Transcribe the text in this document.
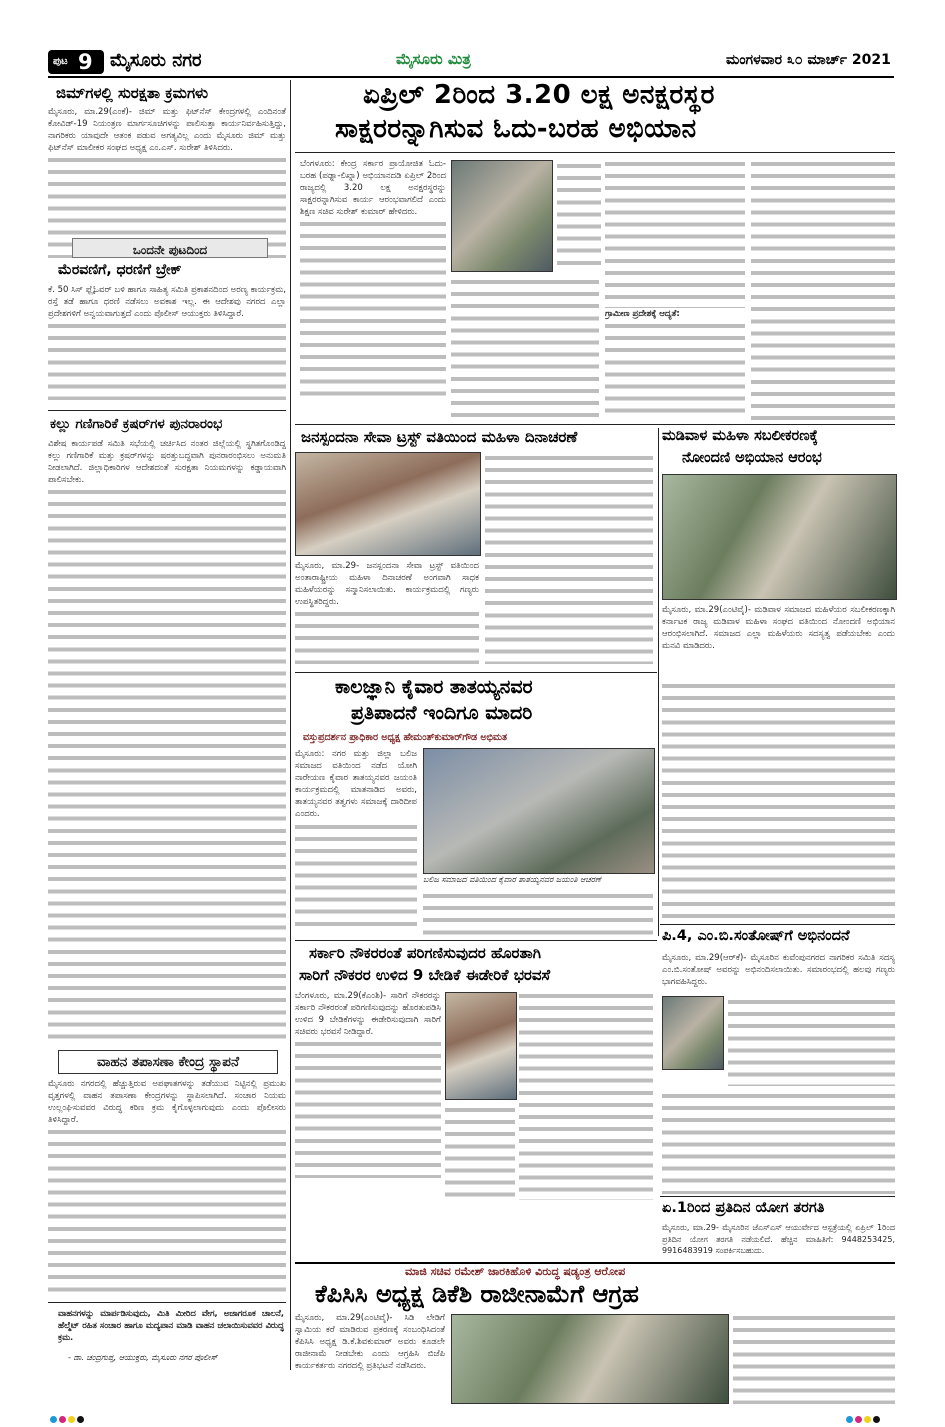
ಪುಟ 9 ಮೈಸೂರು ನಗರ	ಮೈಸೂರು ಮಿತ್ರ	ಮಂಗಳವಾರ ೩೦ ಮಾರ್ಚ್ 2021
ಜಿಮ್‌ಗಳಲ್ಲಿ ಸುರಕ್ಷತಾ ಕ್ರಮಗಳು
ಮೈಸೂರು, ಮಾ.29(ಎಂಕೆ)- ಜಿಮ್ ಮತ್ತು ಫಿಟ್‌ನೆಸ್ ಕೇಂದ್ರಗಳಲ್ಲಿ ಎಂದಿನಂತೆ ಕೋವಿಡ್-19 ನಿಯಂತ್ರಣ ಮಾರ್ಗಸೂಚಿಗಳನ್ನು ಪಾಲಿಸುತ್ತಾ ಕಾರ್ಯನಿರ್ವಹಿಸುತ್ತಿದ್ದು, ನಾಗರಿಕರು ಯಾವುದೇ ಆತಂಕ ಪಡುವ ಅಗತ್ಯವಿಲ್ಲ ಎಂದು ಮೈಸೂರು ಜಿಮ್ ಮತ್ತು ಫಿಟ್‌ನೆಸ್ ಮಾಲೀಕರ ಸಂಘದ ಅಧ್ಯಕ್ಷ ಎಂ.ಎಸ್. ಸುರೇಶ್ ತಿಳಿಸಿದರು.
ಒಂದನೇ ಪುಟದಿಂದ
ಮೆರವಣಿಗೆ, ಧರಣಿಗೆ ಬ್ರೇಕ್
ಕೆ. 50 ಸಿಸ್ ಫ್ಲೈಓವರ್ ಬಳಿ ಹಾಗೂ ಸಾಹಿತ್ಯ ಸಮಿತಿ ಪ್ರಕಾಶನದಿಂದ ಅರಣ್ಯ ಕಾರ್ಯಕ್ರಮ, ರಸ್ತೆ ತಡೆ ಹಾಗೂ ಧರಣಿ ನಡೆಸಲು ಅವಕಾಶ ಇಲ್ಲ. ಈ ಆದೇಶವು ನಗರದ ಎಲ್ಲಾ ಪ್ರದೇಶಗಳಿಗೆ ಅನ್ವಯವಾಗುತ್ತದೆ ಎಂದು ಪೊಲೀಸ್ ಆಯುಕ್ತರು ತಿಳಿಸಿದ್ದಾರೆ.
ಕಲ್ಲು ಗಣಿಗಾರಿಕೆ ಕ್ರಷರ್‌ಗಳ ಪುನರಾರಂಭ
ವಿಶೇಷ ಕಾರ್ಯಪಡೆ ಸಮಿತಿ ಸಭೆಯಲ್ಲಿ ಚರ್ಚಿಸಿದ ನಂತರ ಜಿಲ್ಲೆಯಲ್ಲಿ ಸ್ಥಗಿತಗೊಂಡಿದ್ದ ಕಲ್ಲು ಗಣಿಗಾರಿಕೆ ಮತ್ತು ಕ್ರಷರ್‌ಗಳನ್ನು ಷರತ್ತುಬದ್ಧವಾಗಿ ಪುನರಾರಂಭಿಸಲು ಅನುಮತಿ ನೀಡಲಾಗಿದೆ. ಜಿಲ್ಲಾಧಿಕಾರಿಗಳ ಆದೇಶದಂತೆ ಸುರಕ್ಷತಾ ನಿಯಮಗಳನ್ನು ಕಡ್ಡಾಯವಾಗಿ ಪಾಲಿಸಬೇಕು.
ವಾಹನ ತಪಾಸಣಾ ಕೇಂದ್ರ ಸ್ಥಾಪನೆ
ಮೈಸೂರು ನಗರದಲ್ಲಿ ಹೆಚ್ಚುತ್ತಿರುವ ಅಪಘಾತಗಳನ್ನು ತಡೆಯುವ ನಿಟ್ಟಿನಲ್ಲಿ ಪ್ರಮುಖ ವೃತ್ತಗಳಲ್ಲಿ ವಾಹನ ತಪಾಸಣಾ ಕೇಂದ್ರಗಳನ್ನು ಸ್ಥಾಪಿಸಲಾಗಿದೆ. ಸಂಚಾರ ನಿಯಮ ಉಲ್ಲಂಘಿಸುವವರ ವಿರುದ್ಧ ಕಠಿಣ ಕ್ರಮ ಕೈಗೊಳ್ಳಲಾಗುವುದು ಎಂದು ಪೊಲೀಸರು ತಿಳಿಸಿದ್ದಾರೆ.
ವಾಹನಗಳನ್ನು ಮಾರ್ಪಡಿಸುವುದು, ಮಿತಿ ಮೀರಿದ ವೇಗ, ಅಜಾಗರೂಕ ಚಾಲನೆ, ಹೆಲ್ಮೆಟ್ ರಹಿತ ಸಂಚಾರ ಹಾಗೂ ಮದ್ಯಪಾನ ಮಾಡಿ ವಾಹನ ಚಲಾಯಿಸುವವರ ವಿರುದ್ಧ ಕ್ರಮ.
- ಡಾ. ಚಂದ್ರಗುಪ್ತ, ಆಯುಕ್ತರು, ಮೈಸೂರು ನಗರ ಪೊಲೀಸ್
ಏಪ್ರಿಲ್ 2ರಿಂದ 3.20 ಲಕ್ಷ ಅನಕ್ಷರಸ್ಥರ
ಸಾಕ್ಷರರನ್ನಾಗಿಸುವ ಓದು-ಬರಹ ಅಭಿಯಾನ
ಬೆಂಗಳೂರು: ಕೇಂದ್ರ ಸರ್ಕಾರ ಪ್ರಾಯೋಜಿತ ಓದು-ಬರಹ (ಪಢ್ನಾ-ಲಿಖ್ನಾ) ಅಭಿಯಾನದಡಿ ಏಪ್ರಿಲ್ 2ರಿಂದ ರಾಜ್ಯದಲ್ಲಿ 3.20 ಲಕ್ಷ ಅನಕ್ಷರಸ್ಥರನ್ನು ಸಾಕ್ಷರರನ್ನಾಗಿಸುವ ಕಾರ್ಯ ಆರಂಭವಾಗಲಿದೆ ಎಂದು ಶಿಕ್ಷಣ ಸಚಿವ ಸುರೇಶ್ ಕುಮಾರ್ ಹೇಳಿದರು.
ಗ್ರಾಮೀಣ ಪ್ರದೇಶಕ್ಕೆ ಆದ್ಯತೆ:
ಜನಸ್ಪಂದನಾ ಸೇವಾ ಟ್ರಸ್ಟ್ ವತಿಯಿಂದ ಮಹಿಳಾ ದಿನಾಚರಣೆ
ಮೈಸೂರು, ಮಾ.29- ಜನಸ್ಪಂದನಾ ಸೇವಾ ಟ್ರಸ್ಟ್ ವತಿಯಿಂದ ಅಂತಾರಾಷ್ಟ್ರೀಯ ಮಹಿಳಾ ದಿನಾಚರಣೆ ಅಂಗವಾಗಿ ಸಾಧಕ ಮಹಿಳೆಯರನ್ನು ಸನ್ಮಾನಿಸಲಾಯಿತು. ಕಾರ್ಯಕ್ರಮದಲ್ಲಿ ಗಣ್ಯರು ಉಪಸ್ಥಿತರಿದ್ದರು.
ಮಡಿವಾಳ ಮಹಿಳಾ ಸಬಲೀಕರಣಕ್ಕೆ
ನೋಂದಣಿ ಅಭಿಯಾನ ಆರಂಭ
ಮೈಸೂರು, ಮಾ.29(ಎಂಟಿವೈ)- ಮಡಿವಾಳ ಸಮಾಜದ ಮಹಿಳೆಯರ ಸಬಲೀಕರಣಕ್ಕಾಗಿ ಕರ್ನಾಟಕ ರಾಜ್ಯ ಮಡಿವಾಳ ಮಹಿಳಾ ಸಂಘದ ವತಿಯಿಂದ ನೋಂದಣಿ ಅಭಿಯಾನ ಆರಂಭಿಸಲಾಗಿದೆ. ಸಮಾಜದ ಎಲ್ಲಾ ಮಹಿಳೆಯರು ಸದಸ್ಯತ್ವ ಪಡೆಯಬೇಕು ಎಂದು ಮನವಿ ಮಾಡಿದರು.
ಕಾಲಜ್ಞಾನಿ ಕೈವಾರ ತಾತಯ್ಯನವರ
ಪ್ರತಿಪಾದನೆ ಇಂದಿಗೂ ಮಾದರಿ
ವಸ್ತುಪ್ರದರ್ಶನ ಪ್ರಾಧಿಕಾರ ಅಧ್ಯಕ್ಷ ಹೇಮಂತ್‌ಕುಮಾರ್‌ಗೌಡ ಅಭಿಮತ
ಮೈಸೂರು: ನಗರ ಮತ್ತು ಜಿಲ್ಲಾ ಬಲಿಜ ಸಮಾಜದ ವತಿಯಿಂದ ನಡೆದ ಯೋಗಿ ನಾರೇಯಣ ಕೈವಾರ ತಾತಯ್ಯನವರ ಜಯಂತಿ ಕಾರ್ಯಕ್ರಮದಲ್ಲಿ ಮಾತನಾಡಿದ ಅವರು, ತಾತಯ್ಯನವರ ತತ್ವಗಳು ಸಮಾಜಕ್ಕೆ ದಾರಿದೀಪ ಎಂದರು.
ಬಲಿಜ ಸಮಾಜದ ವತಿಯಿಂದ ಕೈವಾರ ತಾತಯ್ಯನವರ ಜಯಂತಿ ಆಚರಣೆ
ಪಿ.4, ಎಂ.ಬಿ.ಸಂತೋಷ್‌ಗೆ ಅಭಿನಂದನೆ
ಮೈಸೂರು, ಮಾ.29(ಆರ್‌ಕೆ)- ಮೈಸೂರಿನ ಕುವೆಂಪುನಗರದ ನಾಗರಿಕರ ಸಮಿತಿ ಸದಸ್ಯ ಎಂ.ಬಿ.ಸಂತೋಷ್ ಅವರನ್ನು ಅಭಿನಂದಿಸಲಾಯಿತು. ಸಮಾರಂಭದಲ್ಲಿ ಹಲವು ಗಣ್ಯರು ಭಾಗವಹಿಸಿದ್ದರು.
ಸರ್ಕಾರಿ ನೌಕರರಂತೆ ಪರಿಗಣಿಸುವುದರ ಹೊರತಾಗಿ
ಸಾರಿಗೆ ನೌಕರರ ಉಳಿದ 9 ಬೇಡಿಕೆ ಈಡೇರಿಕೆ ಭರವಸೆ
ಬೆಂಗಳೂರು, ಮಾ.29(ಕೆಎಂಶಿ)- ಸಾರಿಗೆ ನೌಕರರನ್ನು ಸರ್ಕಾರಿ ನೌಕರರಂತೆ ಪರಿಗಣಿಸುವುದನ್ನು ಹೊರತುಪಡಿಸಿ ಉಳಿದ 9 ಬೇಡಿಕೆಗಳನ್ನು ಈಡೇರಿಸುವುದಾಗಿ ಸಾರಿಗೆ ಸಚಿವರು ಭರವಸೆ ನೀಡಿದ್ದಾರೆ.
ಏ.1ರಿಂದ ಪ್ರತಿದಿನ ಯೋಗ ತರಗತಿ
ಮೈಸೂರು, ಮಾ.29- ಮೈಸೂರಿನ ಜೆಎಸ್‌ಎಸ್ ಆಯುರ್ವೇದ ಆಸ್ಪತ್ರೆಯಲ್ಲಿ ಏಪ್ರಿಲ್ 1ರಿಂದ ಪ್ರತಿದಿನ ಯೋಗ ತರಗತಿ ನಡೆಯಲಿದೆ. ಹೆಚ್ಚಿನ ಮಾಹಿತಿಗೆ: 9448253425, 9916483919 ಸಂಪರ್ಕಿಸಬಹುದು.
ಮಾಜಿ ಸಚಿವ ರಮೇಶ್ ಜಾರಕಿಹೊಳಿ ವಿರುದ್ಧ ಷಡ್ಯಂತ್ರ ಆರೋಪ
ಕೆಪಿಸಿಸಿ ಅಧ್ಯಕ್ಷ ಡಿಕೆಶಿ ರಾಜೀನಾಮೆಗೆ ಆಗ್ರಹ
ಮೈಸೂರು, ಮಾ.29(ಎಂಟಿವೈ)- ಸಿಡಿ ಲೇಡಿಗೆ ಸ್ವಾಮಿಯ ಕರೆ ಮಾಡಿರುವ ಪ್ರಕರಣಕ್ಕೆ ಸಂಬಂಧಿಸಿದಂತೆ ಕೆಪಿಸಿಸಿ ಅಧ್ಯಕ್ಷ ಡಿ.ಕೆ.ಶಿವಕುಮಾರ್ ಅವರು ಕೂಡಲೇ ರಾಜೀನಾಮೆ ನೀಡಬೇಕು ಎಂದು ಆಗ್ರಹಿಸಿ ಬಿಜೆಪಿ ಕಾರ್ಯಕರ್ತರು ನಗರದಲ್ಲಿ ಪ್ರತಿಭಟನೆ ನಡೆಸಿದರು.
